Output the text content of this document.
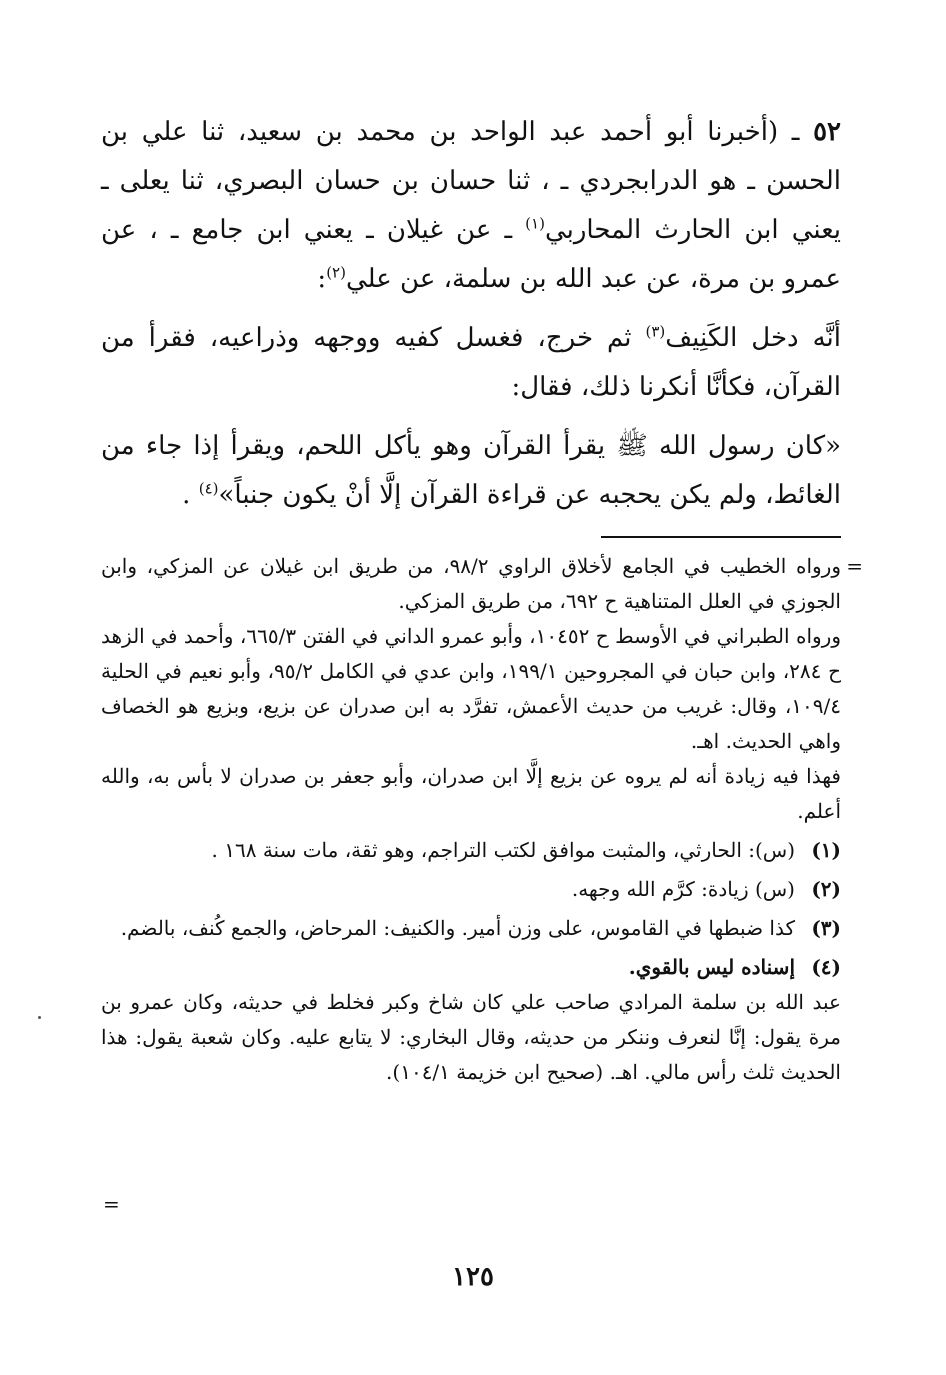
٥٢ ـ (أخبرنا أبو أحمد عبد الواحد بن محمد بن سعيد، ثنا علي بن الحسن ـ هو الدرابجردي ـ ، ثنا حسان بن حسان البصري، ثنا يعلى ـ يعني ابن الحارث المحاربي$^{(١)}$ ـ عن غيلان ـ يعني ابن جامع ـ ، عن عمرو بن مرة، عن عبد الله بن سلمة، عن علي$^{(٢)}$:

أنَّه دخل الكَنِيف$^{(٣)}$ ثم خرج، فغسل كفيه ووجهه وذراعيه، فقرأ من القرآن، فكأنَّا أنكرنا ذلك، فقال:

«كان رسول الله ﷺ يقرأ القرآن وهو يأكل اللحم، ويقرأ إذا جاء من الغائط، ولم يكن يحجبه عن قراءة القرآن إلَّا أنْ يكون جنباً»$^{(٤)}$ .

=

ورواه الخطيب في الجامع لأخلاق الراوي ٩٨/٢، من طريق ابن غيلان عن المزكي، وابن الجوزي في العلل المتناهية ح ٦٩٢، من طريق المزكي.

ورواه الطبراني في الأوسط ح ١٠٤٥٢، وأبو عمرو الداني في الفتن ٦٦٥/٣، وأحمد في الزهد ح ٢٨٤، وابن حبان في المجروحين ١٩٩/١، وابن عدي في الكامل ٩٥/٢، وأبو نعيم في الحلية ١٠٩/٤، وقال: غريب من حديث الأعمش، تفرَّد به ابن صدران عن بزيع، وبزيع هو الخصاف واهي الحديث. اهـ.

فهذا فيه زيادة أنه لم يروه عن بزيع إلَّا ابن صدران، وأبو جعفر بن صدران لا بأس به، والله أعلم.

(١)
(س): الحارثي، والمثبت موافق لكتب التراجم، وهو ثقة، مات سنة ١٦٨ .
(٢)
(س) زيادة: كرَّم الله وجهه.
(٣)
كذا ضبطها في القاموس، على وزن أمير. والكنيف: المرحاض، والجمع كُنف، بالضم.
(٤)
إسناده ليس بالقوي.

عبد الله بن سلمة المرادي صاحب علي كان شاخ وكبر فخلط في حديثه، وكان عمرو بن مرة يقول: إنَّا لنعرف وننكر من حديثه، وقال البخاري: لا يتابع عليه. وكان شعبة يقول: هذا الحديث ثلث رأس مالي. اهـ. (صحيح ابن خزيمة ١٠٤/١).

=
١٢٥
